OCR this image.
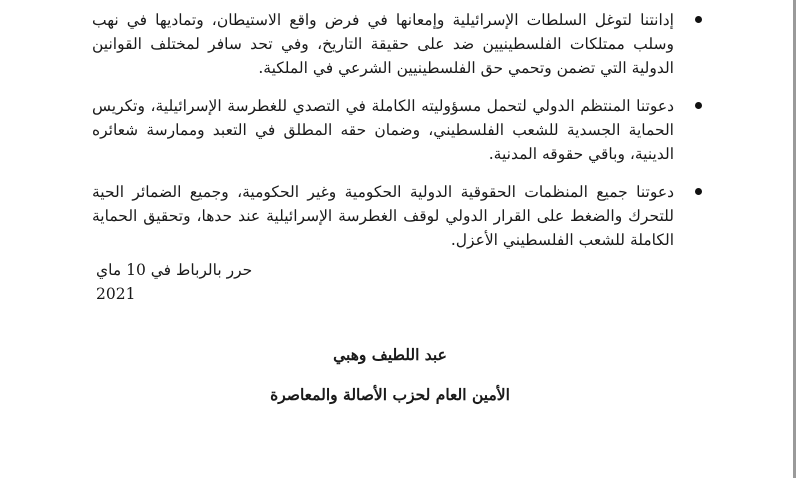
إدانتنا لتوغل السلطات الإسرائيلية وإمعانها في فرض واقع الاستيطان، وتماديها في نهب وسلب ممتلكات الفلسطينيين ضد على حقيقة التاريخ، وفي تحد سافر لمختلف القوانين الدولية التي تضمن وتحمي حق الفلسطينيين الشرعي في الملكية.
دعوتنا المنتظم الدولي لتحمل مسؤوليته الكاملة في التصدي للغطرسة الإسرائيلية، وتكريس الحماية الجسدية للشعب الفلسطيني، وضمان حقه المطلق في التعبد وممارسة شعائره الدينية، وباقي حقوقه المدنية.
دعوتنا جميع المنظمات الحقوقية الدولية الحكومية وغير الحكومية، وجميع الضمائر الحية للتحرك والضغط على القرار الدولي لوقف الغطرسة الإسرائيلية عند حدها، وتحقيق الحماية الكاملة للشعب الفلسطيني الأعزل.
حرر بالرباط في 10 ماي 2021
عبد اللطيف وهبي
الأمين العام لحزب الأصالة والمعاصرة
